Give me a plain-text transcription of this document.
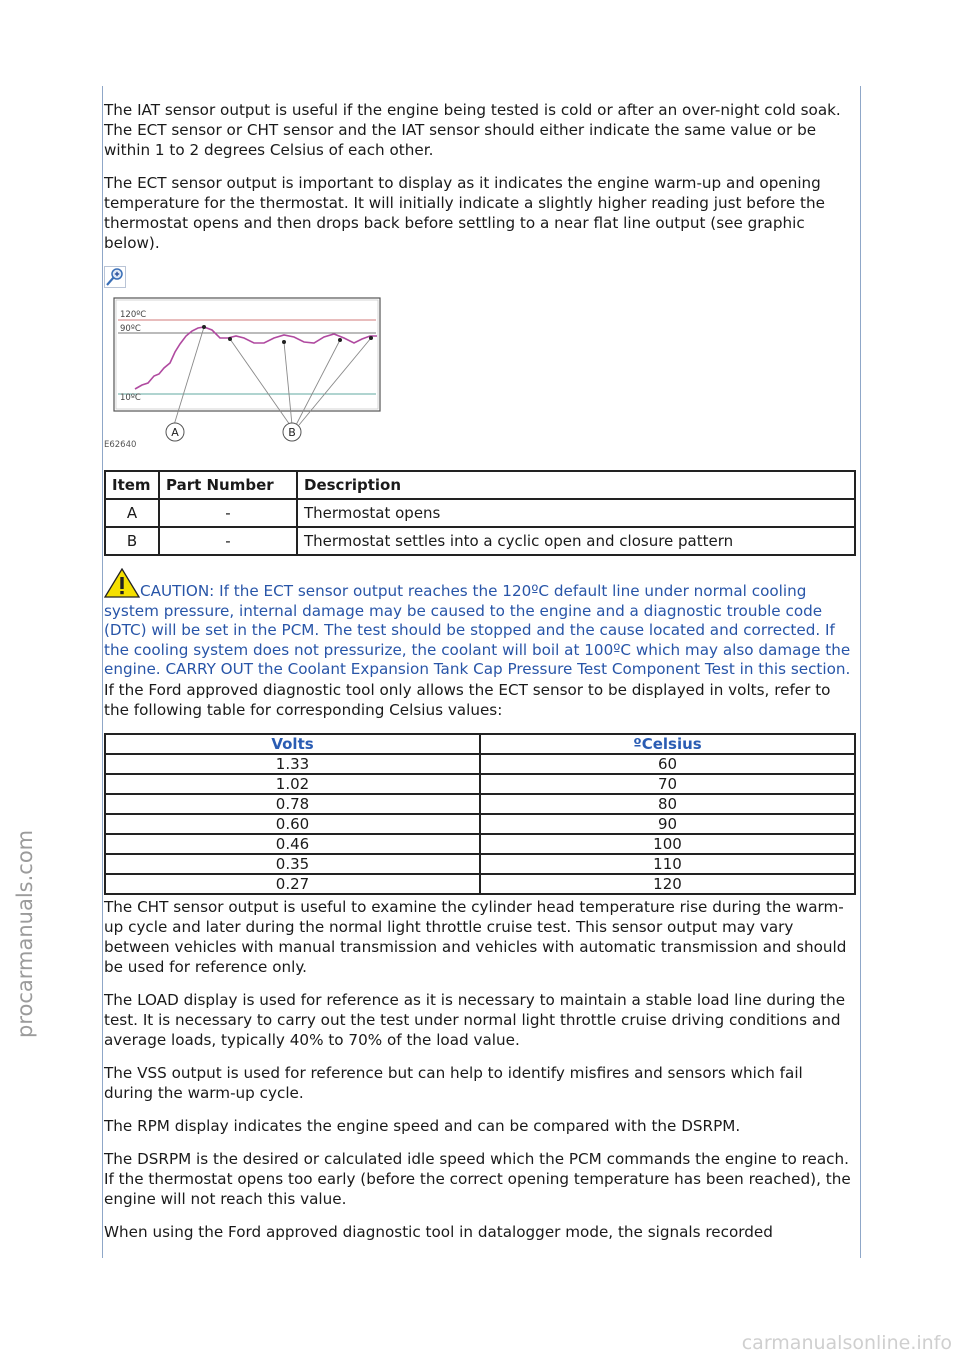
procarmanuals.com

The IAT sensor output is useful if the engine being tested is cold or after an over-night cold soak. The ECT sensor or CHT sensor and the IAT sensor should either indicate the same value or be within 1 to 2 degrees Celsius of each other.

The ECT sensor output is important to display as it indicates the engine warm-up and opening temperature for the thermostat. It will initially indicate a slightly higher reading just before the thermostat opens and then drops back before settling to a near flat line output (see graphic below).

120ºC
90ºC
10ºC
A	B
E62640
Item	Part Number	Description
A	-	Thermostat opens
B	-	Thermostat settles into a cyclic open and closure pattern

CAUTION: If the ECT sensor output reaches the 120ºC default line under normal cooling system pressure, internal damage may be caused to the engine and a diagnostic trouble code (DTC) will be set in the PCM. The test should be stopped and the cause located and corrected. If the cooling system does not pressurize, the coolant will boil at 100ºC which may also damage the engine. CARRY OUT the Coolant Expansion Tank Cap Pressure Test Component Test in this section.

If the Ford approved diagnostic tool only allows the ECT sensor to be displayed in volts, refer to the following table for corresponding Celsius values:

Volts	ºCelsius
1.33	60
1.02	70
0.78	80
0.60	90
0.46	100
0.35	110
0.27	120

The CHT sensor output is useful to examine the cylinder head temperature rise during the warm-up cycle and later during the normal light throttle cruise test. This sensor output may vary between vehicles with manual transmission and vehicles with automatic transmission and should be used for reference only.

The LOAD display is used for reference as it is necessary to maintain a stable load line during the test. It is necessary to carry out the test under normal light throttle cruise driving conditions and average loads, typically 40% to 70% of the load value.

The VSS output is used for reference but can help to identify misfires and sensors which fail during the warm-up cycle.

The RPM display indicates the engine speed and can be compared with the DSRPM.

The DSRPM is the desired or calculated idle speed which the PCM commands the engine to reach. If the thermostat opens too early (before the correct opening temperature has been reached), the engine will not reach this value.

When using the Ford approved diagnostic tool in datalogger mode, the signals recorded

carmanualsonline.info
